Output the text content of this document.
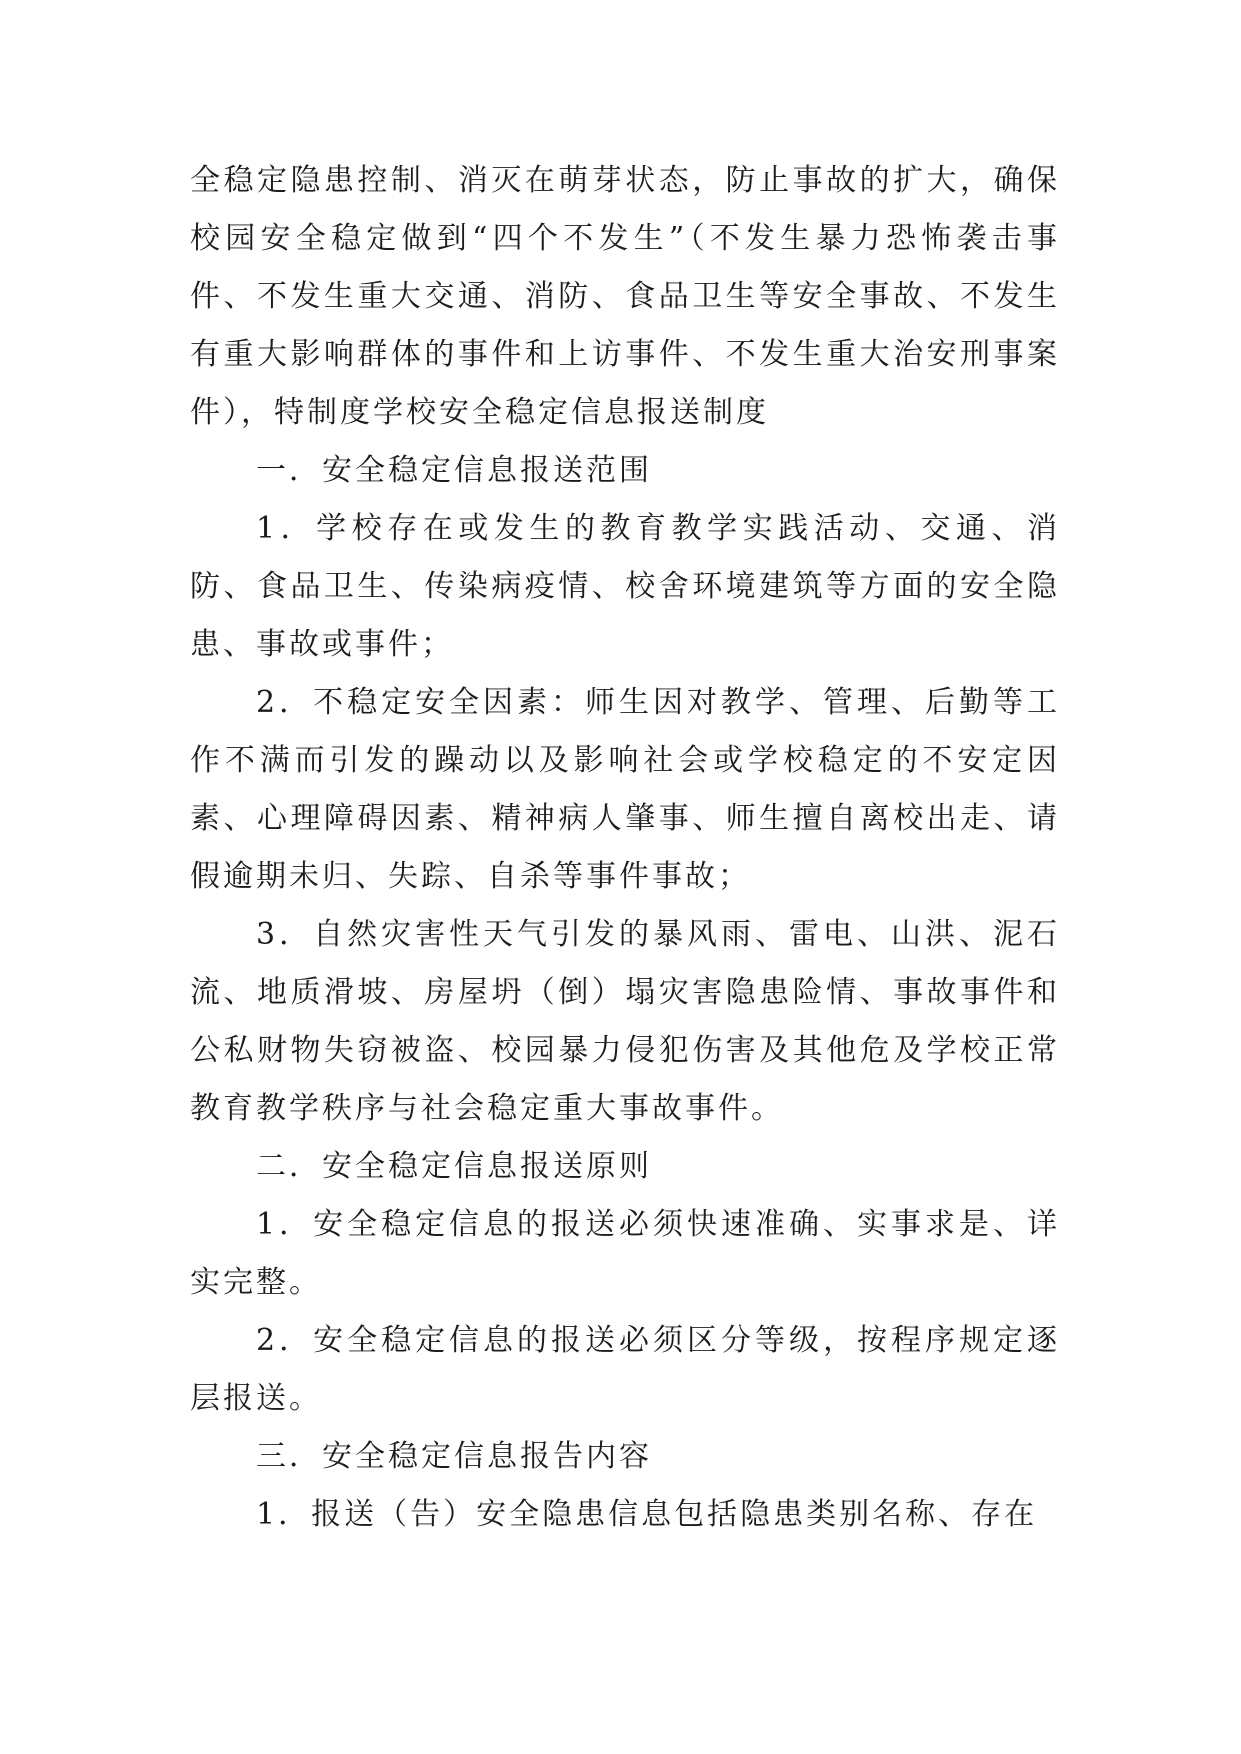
全稳定隐患控制、消灭在萌芽状态，防止事故的扩大，确保校园安全稳定做到“四个不发生”（不发生暴力恐怖袭击事件、不发生重大交通、消防、食品卫生等安全事故、不发生有重大影响群体的事件和上访事件、不发生重大治安刑事案件），特制度学校安全稳定信息报送制度

一．安全稳定信息报送范围

1．学校存在或发生的教育教学实践活动、交通、消防、食品卫生、传染病疫情、校舍环境建筑等方面的安全隐患、事故或事件；

2．不稳定安全因素：师生因对教学、管理、后勤等工作不满而引发的躁动以及影响社会或学校稳定的不安定因素、心理障碍因素、精神病人肇事、师生擅自离校出走、请假逾期未归、失踪、自杀等事件事故；

3．自然灾害性天气引发的暴风雨、雷电、山洪、泥石流、地质滑坡、房屋坍（倒）塌灾害隐患险情、事故事件和公私财物失窃被盗、校园暴力侵犯伤害及其他危及学校正常教育教学秩序与社会稳定重大事故事件。

二．安全稳定信息报送原则

1．安全稳定信息的报送必须快速准确、实事求是、详实完整。

2．安全稳定信息的报送必须区分等级，按程序规定逐层报送。

三．安全稳定信息报告内容

1．报送（告）安全隐患信息包括隐患类别名称、存在
